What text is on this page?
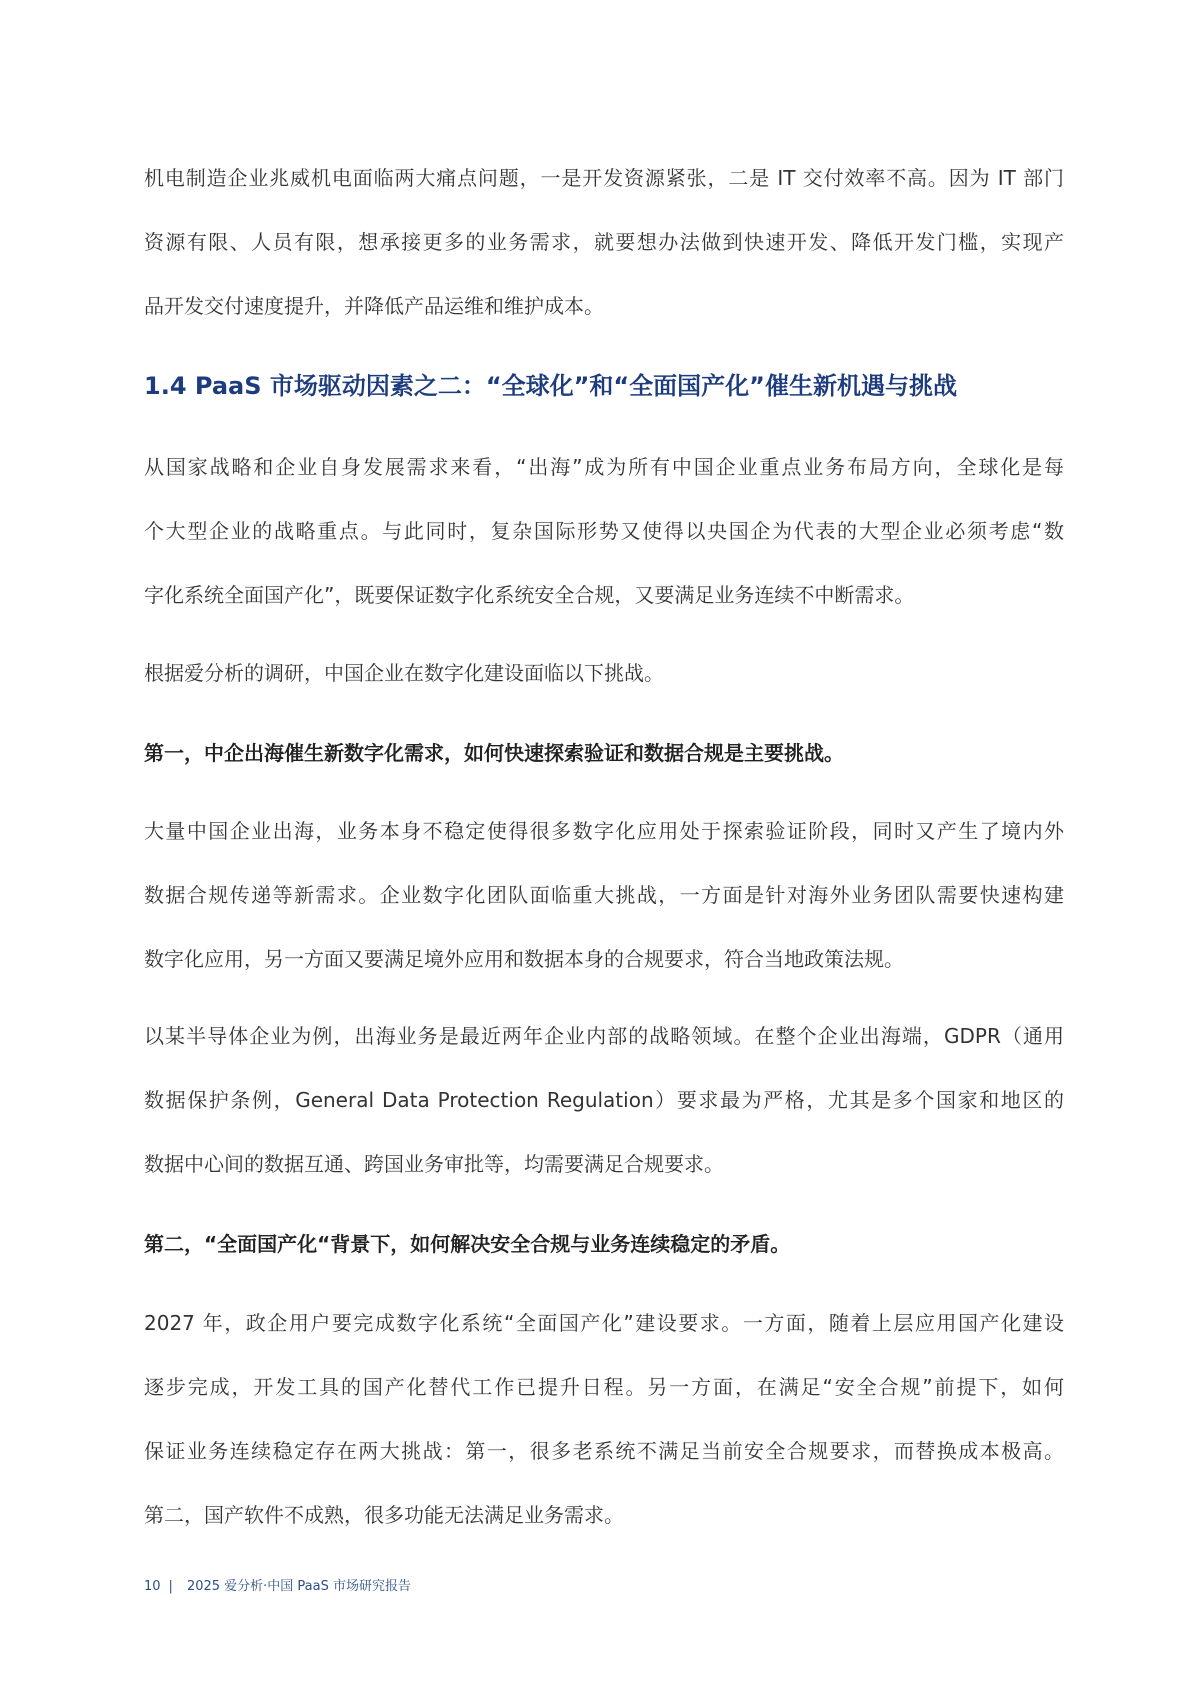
机电制造企业兆威机电面临两大痛点问题，一是开发资源紧张，二是 IT 交付效率不高。因为 IT 部门
资源有限、人员有限，想承接更多的业务需求，就要想办法做到快速开发、降低开发门槛，实现产
品开发交付速度提升，并降低产品运维和维护成本。
1.4 PaaS 市场驱动因素之二：“全球化”和“全面国产化”催生新机遇与挑战
从国家战略和企业自身发展需求来看，“出海”成为所有中国企业重点业务布局方向，全球化是每
个大型企业的战略重点。与此同时，复杂国际形势又使得以央国企为代表的大型企业必须考虑“数
字化系统全面国产化”，既要保证数字化系统安全合规，又要满足业务连续不中断需求。
根据爱分析的调研，中国企业在数字化建设面临以下挑战。
第一，中企出海催生新数字化需求，如何快速探索验证和数据合规是主要挑战。
大量中国企业出海，业务本身不稳定使得很多数字化应用处于探索验证阶段，同时又产生了境内外
数据合规传递等新需求。企业数字化团队面临重大挑战，一方面是针对海外业务团队需要快速构建
数字化应用，另一方面又要满足境外应用和数据本身的合规要求，符合当地政策法规。
以某半导体企业为例，出海业务是最近两年企业内部的战略领域。在整个企业出海端，GDPR（通用
数据保护条例，General Data Protection Regulation）要求最为严格，尤其是多个国家和地区的
数据中心间的数据互通、跨国业务审批等，均需要满足合规要求。
第二，“全面国产化“背景下，如何解决安全合规与业务连续稳定的矛盾。
2027 年，政企用户要完成数字化系统“全面国产化”建设要求。一方面，随着上层应用国产化建设
逐步完成，开发工具的国产化替代工作已提升日程。另一方面，在满足“安全合规”前提下，如何
保证业务连续稳定存在两大挑战：第一，很多老系统不满足当前安全合规要求，而替换成本极高。
第二，国产软件不成熟，很多功能无法满足业务需求。
10 | 2025 爱分析·中国 PaaS 市场研究报告
